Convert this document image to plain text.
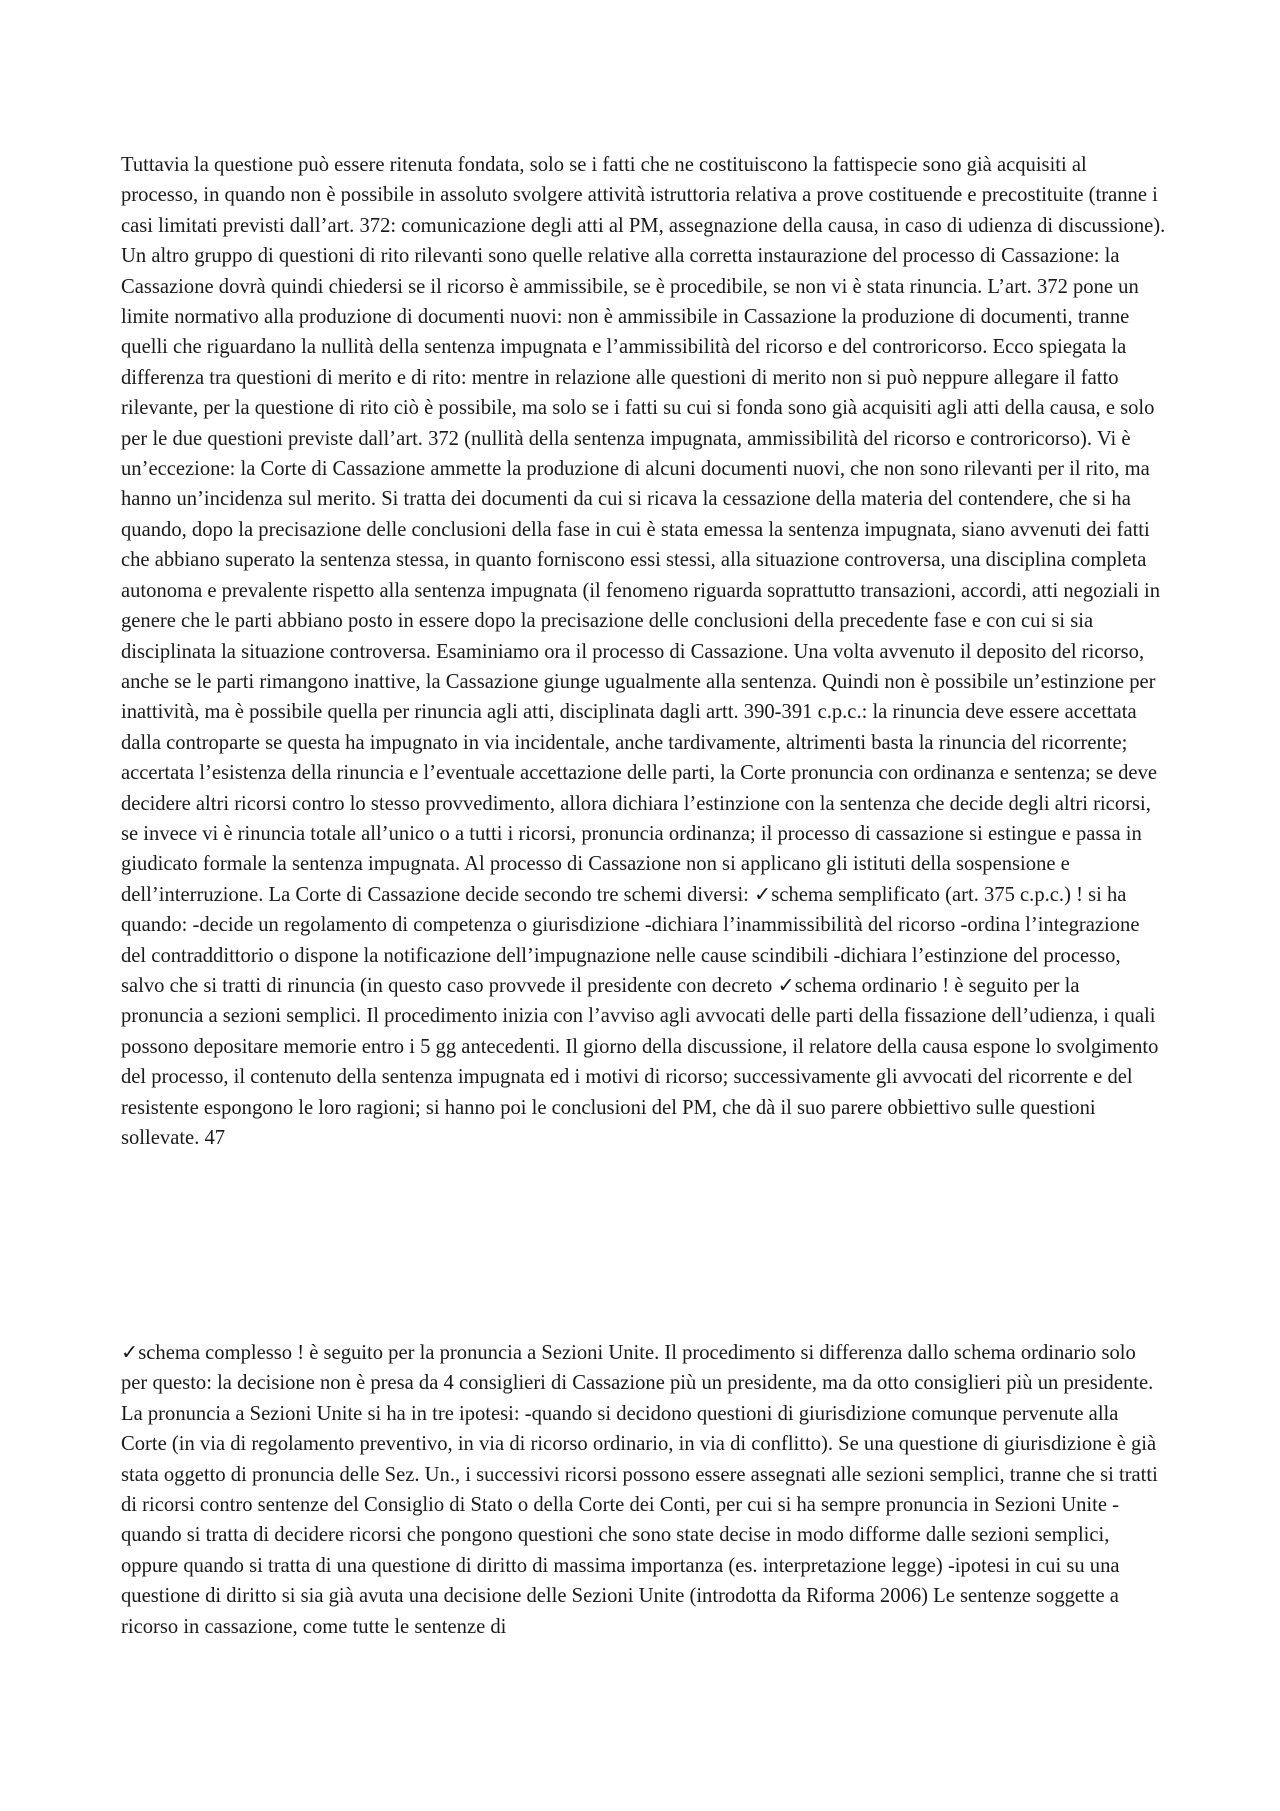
Tuttavia la questione può essere ritenuta fondata, solo se i fatti che ne costituiscono la fattispecie sono già acquisiti al processo, in quando non è possibile in assoluto svolgere attività istruttoria relativa a prove costituende e precostituite (tranne i casi limitati previsti dall’art. 372: comunicazione degli atti al PM, assegnazione della causa, in caso di udienza di discussione). Un altro gruppo di questioni di rito rilevanti sono quelle relative alla corretta instaurazione del processo di Cassazione: la Cassazione dovrà quindi chiedersi se il ricorso è ammissibile, se è procedibile, se non vi è stata rinuncia. L’art. 372 pone un limite normativo alla produzione di documenti nuovi: non è ammissibile in Cassazione la produzione di documenti, tranne quelli che riguardano la nullità della sentenza impugnata e l’ammissibilità del ricorso e del controricorso. Ecco spiegata la differenza tra questioni di merito e di rito: mentre in relazione alle questioni di merito non si può neppure allegare il fatto rilevante, per la questione di rito ciò è possibile, ma solo se i fatti su cui si fonda sono già acquisiti agli atti della causa, e solo per le due questioni previste dall’art. 372 (nullità della sentenza impugnata, ammissibilità del ricorso e controricorso). Vi è un’eccezione: la Corte di Cassazione ammette la produzione di alcuni documenti nuovi, che non sono rilevanti per il rito, ma hanno un’incidenza sul merito. Si tratta dei documenti da cui si ricava la cessazione della materia del contendere, che si ha quando, dopo la precisazione delle conclusioni della fase in cui è stata emessa la sentenza impugnata, siano avvenuti dei fatti che abbiano superato la sentenza stessa, in quanto forniscono essi stessi, alla situazione controversa, una disciplina completa autonoma e prevalente rispetto alla sentenza impugnata (il fenomeno riguarda soprattutto transazioni, accordi, atti negoziali in genere che le parti abbiano posto in essere dopo la precisazione delle conclusioni della precedente fase e con cui si sia disciplinata la situazione controversa. Esaminiamo ora il processo di Cassazione. Una volta avvenuto il deposito del ricorso, anche se le parti rimangono inattive, la Cassazione giunge ugualmente alla sentenza. Quindi non è possibile un’estinzione per inattività, ma è possibile quella per rinuncia agli atti, disciplinata dagli artt. 390-391 c.p.c.: la rinuncia deve essere accettata dalla controparte se questa ha impugnato in via incidentale, anche tardivamente, altrimenti basta la rinuncia del ricorrente; accertata l’esistenza della rinuncia e l’eventuale accettazione delle parti, la Corte pronuncia con ordinanza e sentenza; se deve decidere altri ricorsi contro lo stesso provvedimento, allora dichiara l’estinzione con la sentenza che decide degli altri ricorsi, se invece vi è rinuncia totale all’unico o a tutti i ricorsi, pronuncia ordinanza; il processo di cassazione si estingue e passa in giudicato formale la sentenza impugnata. Al processo di Cassazione non si applicano gli istituti della sospensione e dell’interruzione. La Corte di Cassazione decide secondo tre schemi diversi: ✓schema semplificato (art. 375 c.p.c.) ! si ha quando: -decide un regolamento di competenza o giurisdizione -dichiara l’inammissibilità del ricorso -ordina l’integrazione del contraddittorio o dispone la notificazione dell’impugnazione nelle cause scindibili -dichiara l’estinzione del processo, salvo che si tratti di rinuncia (in questo caso provvede il presidente con decreto ✓schema ordinario ! è seguito per la pronuncia a sezioni semplici. Il procedimento inizia con l’avviso agli avvocati delle parti della fissazione dell’udienza, i quali possono depositare memorie entro i 5 gg antecedenti. Il giorno della discussione, il relatore della causa espone lo svolgimento del processo, il contenuto della sentenza impugnata ed i motivi di ricorso; successivamente gli avvocati del ricorrente e del resistente espongono le loro ragioni; si hanno poi le conclusioni del PM, che dà il suo parere obbiettivo sulle questioni sollevate. 47

✓schema complesso ! è seguito per la pronuncia a Sezioni Unite. Il procedimento si differenza dallo schema ordinario solo per questo: la decisione non è presa da 4 consiglieri di Cassazione più un presidente, ma da otto consiglieri più un presidente. La pronuncia a Sezioni Unite si ha in tre ipotesi: -quando si decidono questioni di giurisdizione comunque pervenute alla Corte (in via di regolamento preventivo, in via di ricorso ordinario, in via di conflitto). Se una questione di giurisdizione è già stata oggetto di pronuncia delle Sez. Un., i successivi ricorsi possono essere assegnati alle sezioni semplici, tranne che si tratti di ricorsi contro sentenze del Consiglio di Stato o della Corte dei Conti, per cui si ha sempre pronuncia in Sezioni Unite -quando si tratta di decidere ricorsi che pongono questioni che sono state decise in modo difforme dalle sezioni semplici, oppure quando si tratta di una questione di diritto di massima importanza (es. interpretazione legge) -ipotesi in cui su una questione di diritto si sia già avuta una decisione delle Sezioni Unite (introdotta da Riforma 2006) Le sentenze soggette a ricorso in cassazione, come tutte le sentenze di
